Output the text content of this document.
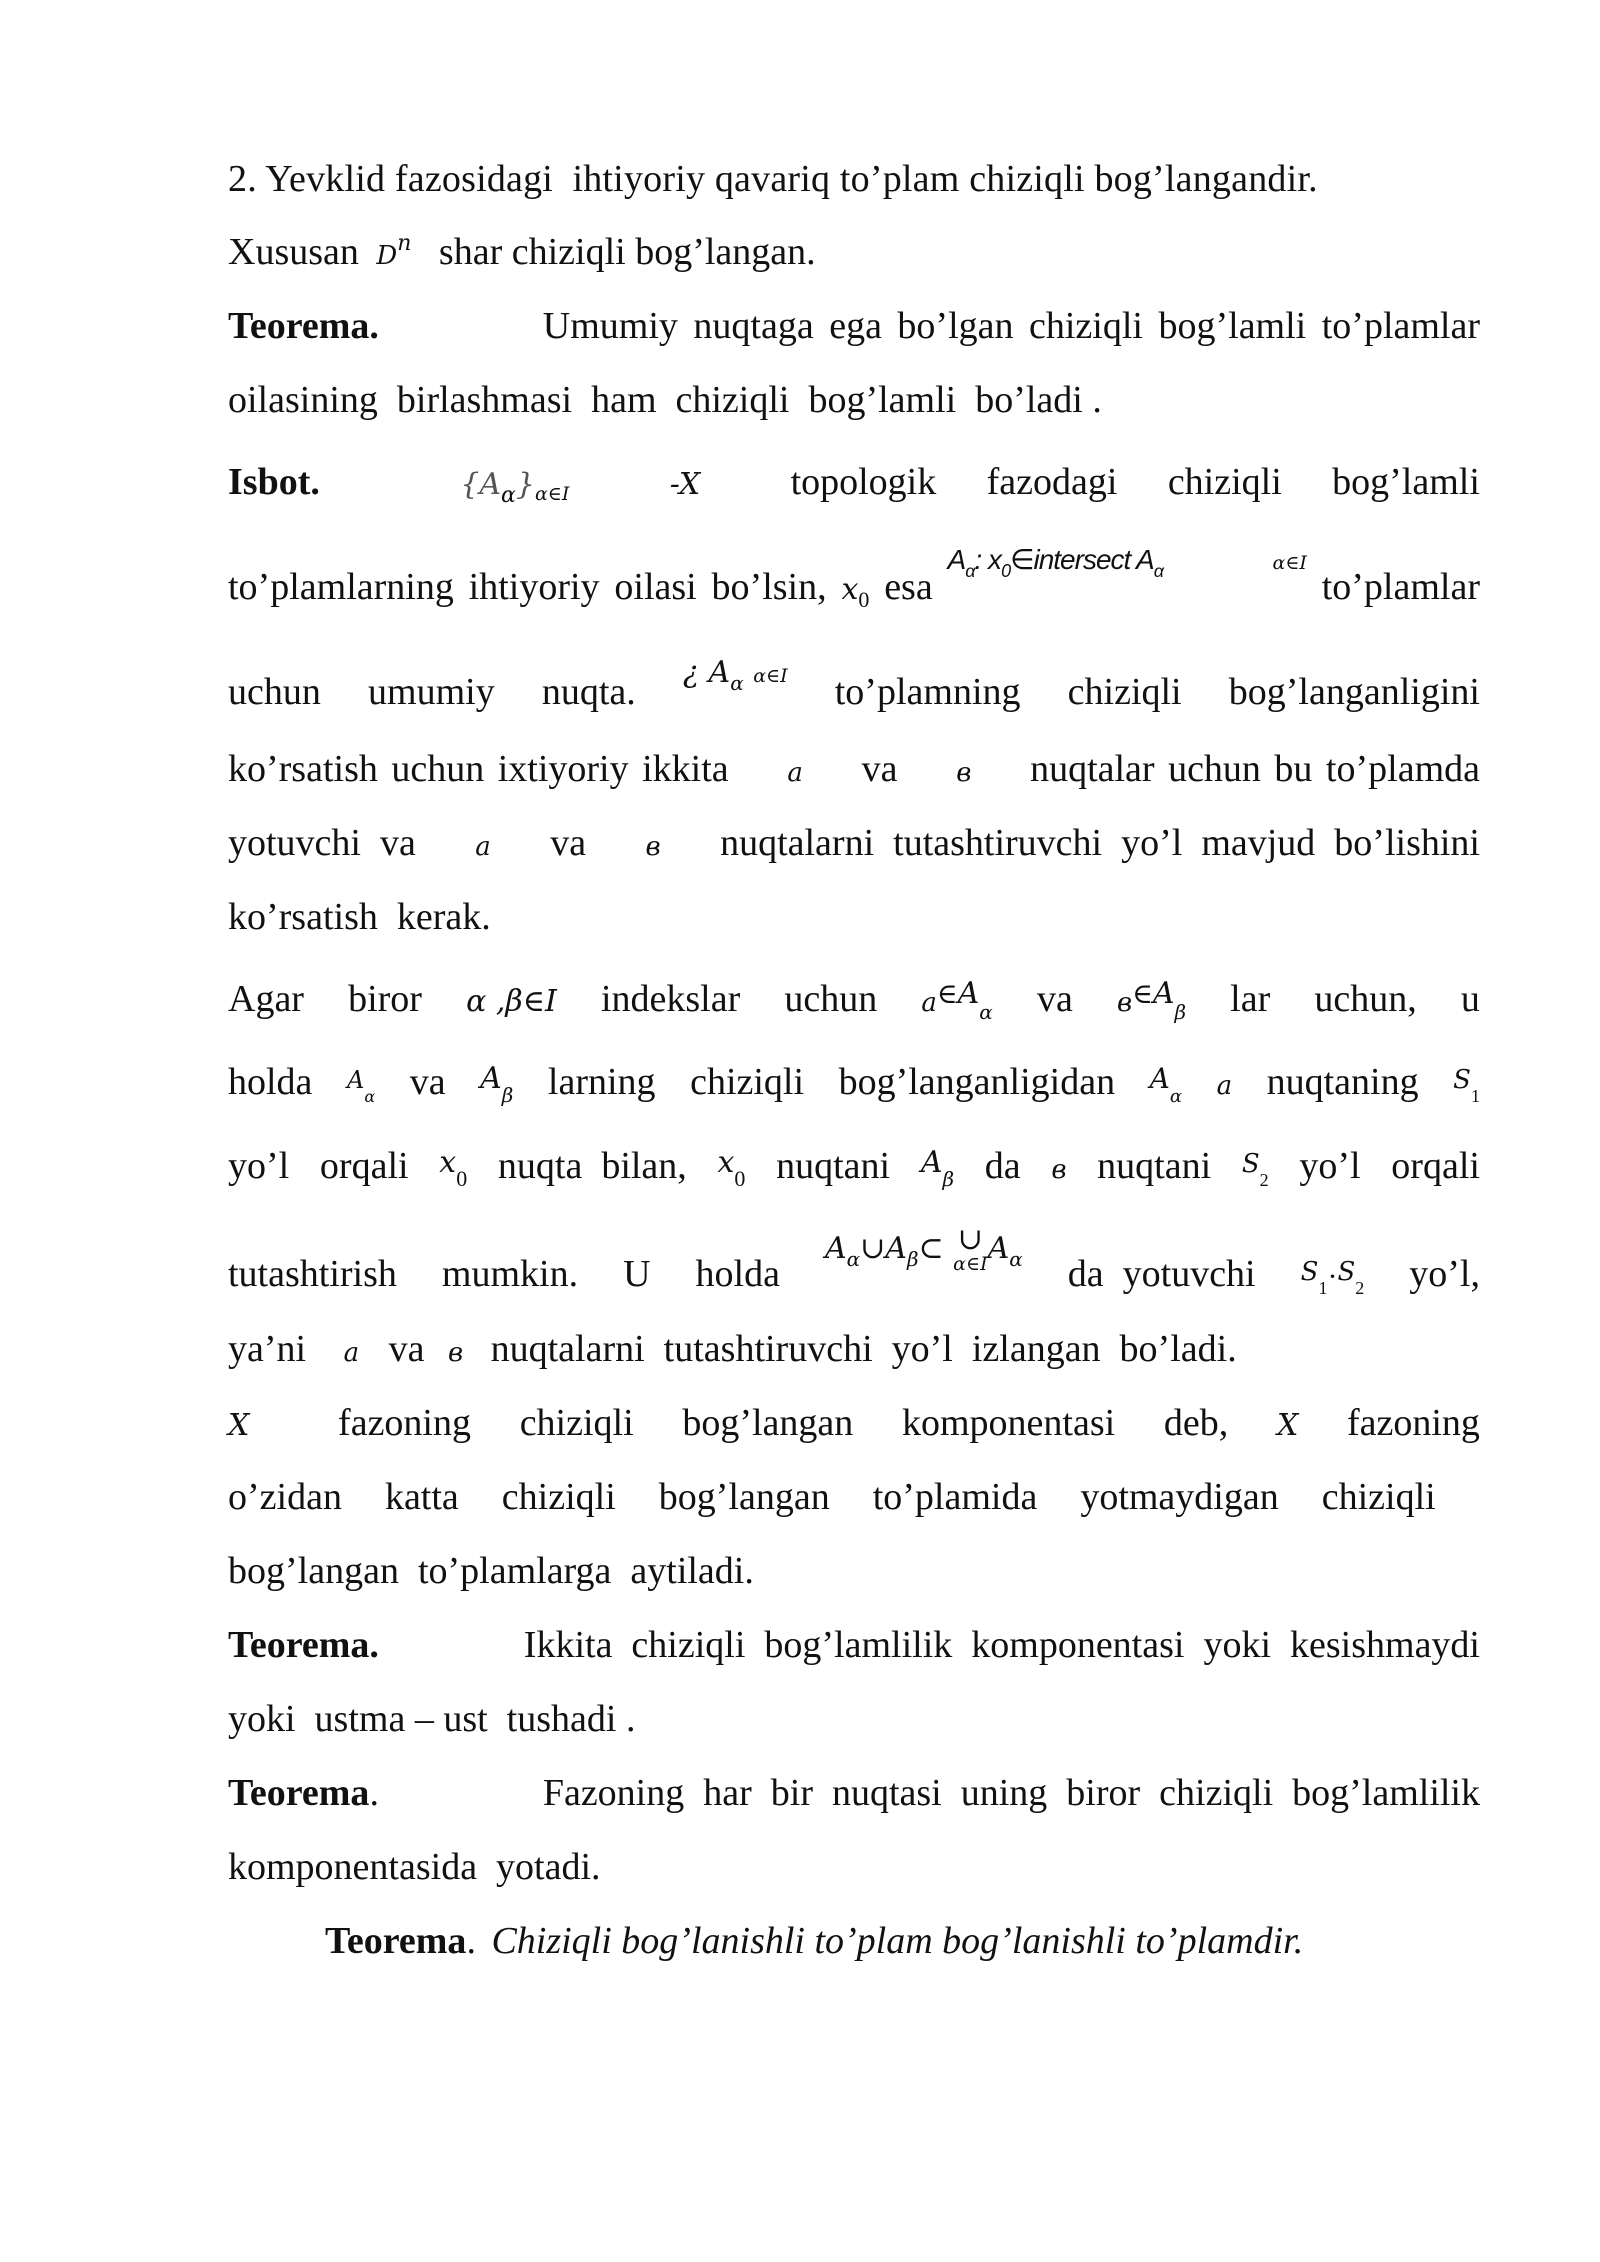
2. Yevklid fazosidagi  ihtiyoriy qavariq to’plam chiziqli bog’langandir.
Xususan $D^n$ shar chiziqli bog’langan.
Teorema.	Umumiy nuqtaga ega bo’lgan chiziqli bog’lamli to’plamlar
oilasining  birlashmasi  ham  chiziqli  bog’lamli  bo’ladi .
Isbot.	$\{A_\alpha\}\alpha\in I$	-X topologik fazodagi chiziqli bog’lamli
to’plamlarning ihtiyoriy oilasi bo’lsin, $x_0$ esa
$A_\alpha$: $x_0\in intersect$ $A_\alpha$	α∈I
to’plamlar
uchun umumiy nuqta. ¿ $A_\alpha$ α∈I to’plamning chiziqli bog’langanligini
ko’rsatish uchun ixtiyoriy ikkita a va в nuqtalar uchun bu to’plamda
yotuvchi  va a va в nuqtalarni  tutashtiruvchi  yo’l  mavjud  bo’lishini
ko’rsatish  kerak.
Agar biror α ,β∈I indekslar uchun $a^{\in A}_\alpha$ va $в^{\in A}_\beta$ lar uchun, u
holda $A_\alpha$ va $A_\beta$ larning chiziqli bog’langanligidan $A_\alpha$ a nuqtaning $S_1$
yo’l orqali $x_0$ nuqta  bilan, $x_0$ nuqtani $A_\beta$ da в nuqtani $S_2$ yo’l orqali
tutashtirish mumkin. U holda
$A_\alpha\cup A_\beta\subset$ ∪
α∈I $A_\alpha$ da  yotuvchi $S_1\cdot S_2$ yo’l,
ya’ni a va в nuqtalarni  tutashtiruvchi  yo’l  izlangan  bo’ladi.
X fazoning chiziqli bog’langan komponentasi deb, X fazoning
o’zidan  katta  chiziqli  bog’langan  to’plamida  yotmaydigan  chiziqli
bog’langan  to’plamlarga  aytiladi.
Teorema.	Ikkita  chiziqli  bog’lamlilik  komponentasi  yoki  kesishmaydi
yoki  ustma – ust  tushadi .
Teorema.	Fazoning  har  bir  nuqtasi  uning  biror  chiziqli  bog’lamlilik
komponentasida  yotadi.
Teorema. Chiziqli bog’lanishli to’plam bog’lanishli to’plamdir.
